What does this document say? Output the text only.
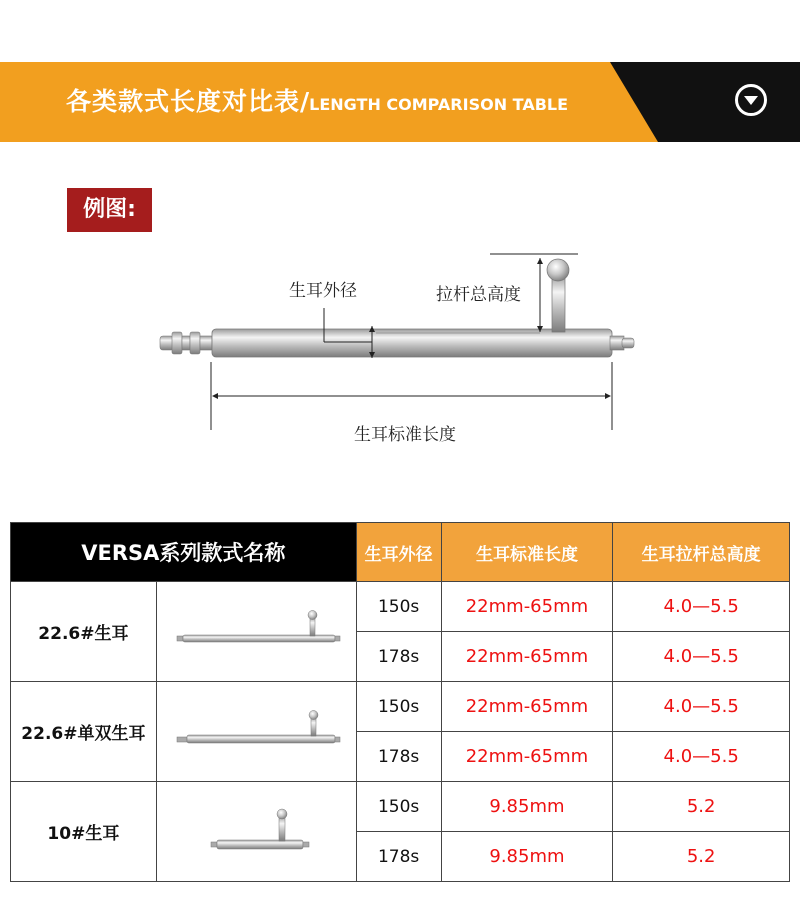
各类款式长度对比表/LENGTH COMPARISON TABLE
例图:
生耳外径	拉杆总高度
生耳标准长度
VERSA系列款式名称		生耳外径	生耳标准长度	生耳拉杆总高度
22.6#生耳		150s	22mm-65mm	4.0—5.5
		178s	22mm-65mm	4.0—5.5
22.6#单双生耳		150s	22mm-65mm	4.0—5.5
		178s	22mm-65mm	4.0—5.5
10#生耳		150s	9.85mm	5.2
		178s	9.85mm	5.2
